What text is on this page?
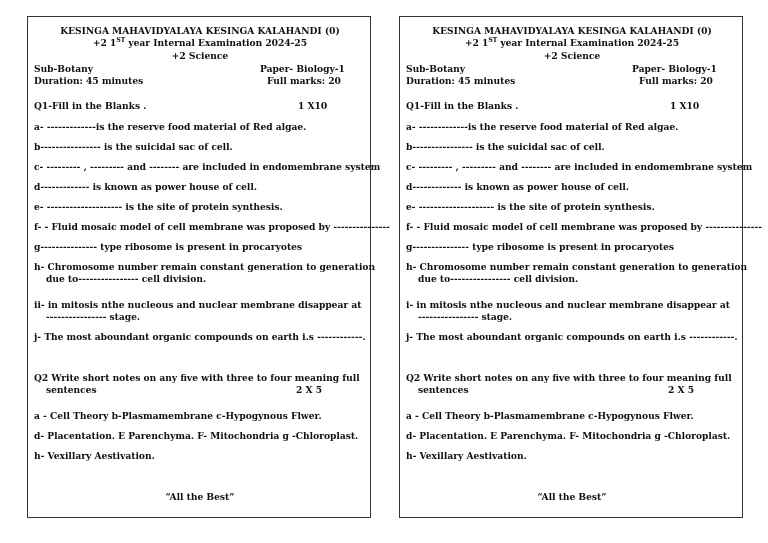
KESINGA MAHAVIDYALAYA KESINGA KALAHANDI (0)
+2 1ST year Internal Examination 2024-25
+2 Science
Sub-Botany	Paper- Biology-1
Duration: 45 minutes	Full marks: 20
Q1-Fill in the Blanks .	1 X10
a- -------------is the reserve food material of Red algae.
b---------------- is the suicidal sac of cell.
c- --------- , --------- and -------- are included in endomembrane system
d------------- is known as power house of cell.
e- -------------------- is the site of protein synthesis.
f- - Fluid mosaic model of cell membrane was proposed by ---------------
g--------------- type ribosome is present in procaryotes
h- Chromosome number remain constant generation to generation
due to---------------- cell division.
ii- in mitosis nthe nucleous and nuclear membrane disappear at
---------------- stage.
j- The most aboundant organic compounds on earth i.s ------------.
Q2 Write short notes on any five with three to four meaning full
sentences	2 X 5
a - Cell Theory b-Plasmamembrane c-Hypogynous Flwer.
d- Placentation. E Parenchyma. F- Mitochondria g -Chloroplast.
h- Vexillary Aestivation.
“All the Best”
KESINGA MAHAVIDYALAYA KESINGA KALAHANDI (0)
+2 1ST year Internal Examination 2024-25
+2 Science
Sub-Botany	Paper- Biology-1
Duration: 45 minutes	Full marks: 20
Q1-Fill in the Blanks .	1 X10
a- -------------is the reserve food material of Red algae.
b---------------- is the suicidal sac of cell.
c- --------- , --------- and -------- are included in endomembrane system
d------------- is known as power house of cell.
e- -------------------- is the site of protein synthesis.
f- - Fluid mosaic model of cell membrane was proposed by ---------------
g--------------- type ribosome is present in procaryotes
h- Chromosome number remain constant generation to generation
due to---------------- cell division.
i- in mitosis nthe nucleous and nuclear membrane disappear at
---------------- stage.
j- The most aboundant organic compounds on earth i.s ------------.
Q2 Write short notes on any five with three to four meaning full
sentences	2 X 5
a - Cell Theory b-Plasmamembrane c-Hypogynous Flwer.
d- Placentation. E Parenchyma. F- Mitochondria g -Chloroplast.
h- Vexillary Aestivation.
“All the Best”
